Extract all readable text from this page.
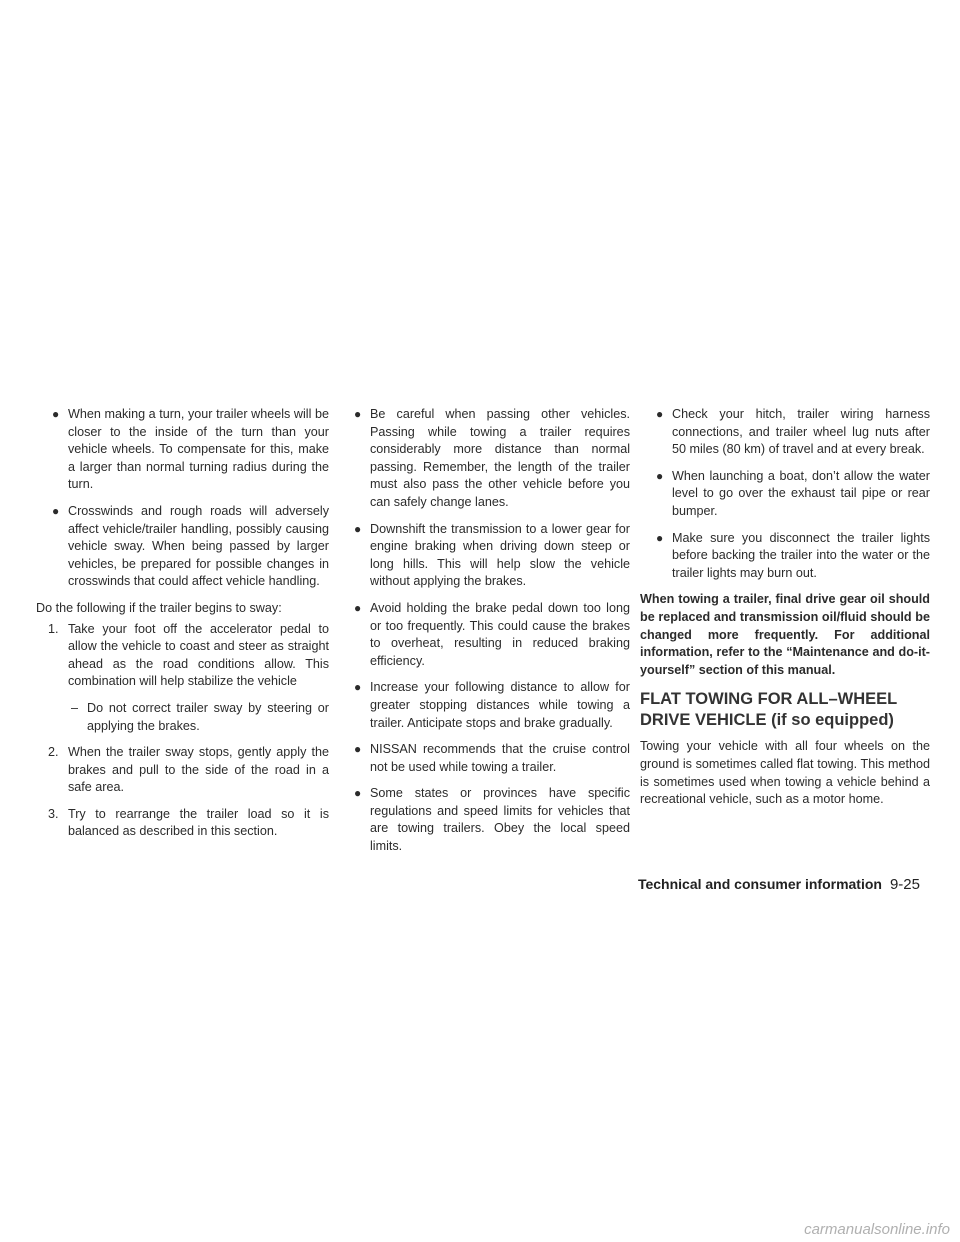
● When making a turn, your trailer wheels will be closer to the inside of the turn than your vehicle wheels. To compensate for this, make a larger than normal turning radius during the turn.

● Crosswinds and rough roads will adversely affect vehicle/trailer handling, possibly causing vehicle sway. When being passed by larger vehicles, be prepared for possible changes in crosswinds that could affect vehicle handling.

Do the following if the trailer begins to sway:

1. Take your foot off the accelerator pedal to allow the vehicle to coast and steer as straight ahead as the road conditions allow. This combination will help stabilize the vehicle

– Do not correct trailer sway by steering or applying the brakes.

2. When the trailer sway stops, gently apply the brakes and pull to the side of the road in a safe area.

3. Try to rearrange the trailer load so it is balanced as described in this section.

● Be careful when passing other vehicles. Passing while towing a trailer requires considerably more distance than normal passing. Remember, the length of the trailer must also pass the other vehicle before you can safely change lanes.

● Downshift the transmission to a lower gear for engine braking when driving down steep or long hills. This will help slow the vehicle without applying the brakes.

● Avoid holding the brake pedal down too long or too frequently. This could cause the brakes to overheat, resulting in reduced braking efficiency.

● Increase your following distance to allow for greater stopping distances while towing a trailer. Anticipate stops and brake gradually.

● NISSAN recommends that the cruise control not be used while towing a trailer.

● Some states or provinces have specific regulations and speed limits for vehicles that are towing trailers. Obey the local speed limits.

● Check your hitch, trailer wiring harness connections, and trailer wheel lug nuts after 50 miles (80 km) of travel and at every break.

● When launching a boat, don’t allow the water level to go over the exhaust tail pipe or rear bumper.

● Make sure you disconnect the trailer lights before backing the trailer into the water or the trailer lights may burn out.

When towing a trailer, final drive gear oil should be replaced and transmission oil/fluid should be changed more frequently. For additional information, refer to the “Maintenance and do-it-yourself” section of this manual.

FLAT TOWING FOR ALL–WHEEL DRIVE VEHICLE (if so equipped)

Towing your vehicle with all four wheels on the ground is sometimes called flat towing. This method is sometimes used when towing a vehicle behind a recreational vehicle, such as a motor home.

Technical and consumer information 9-25
carmanualsonline.info
